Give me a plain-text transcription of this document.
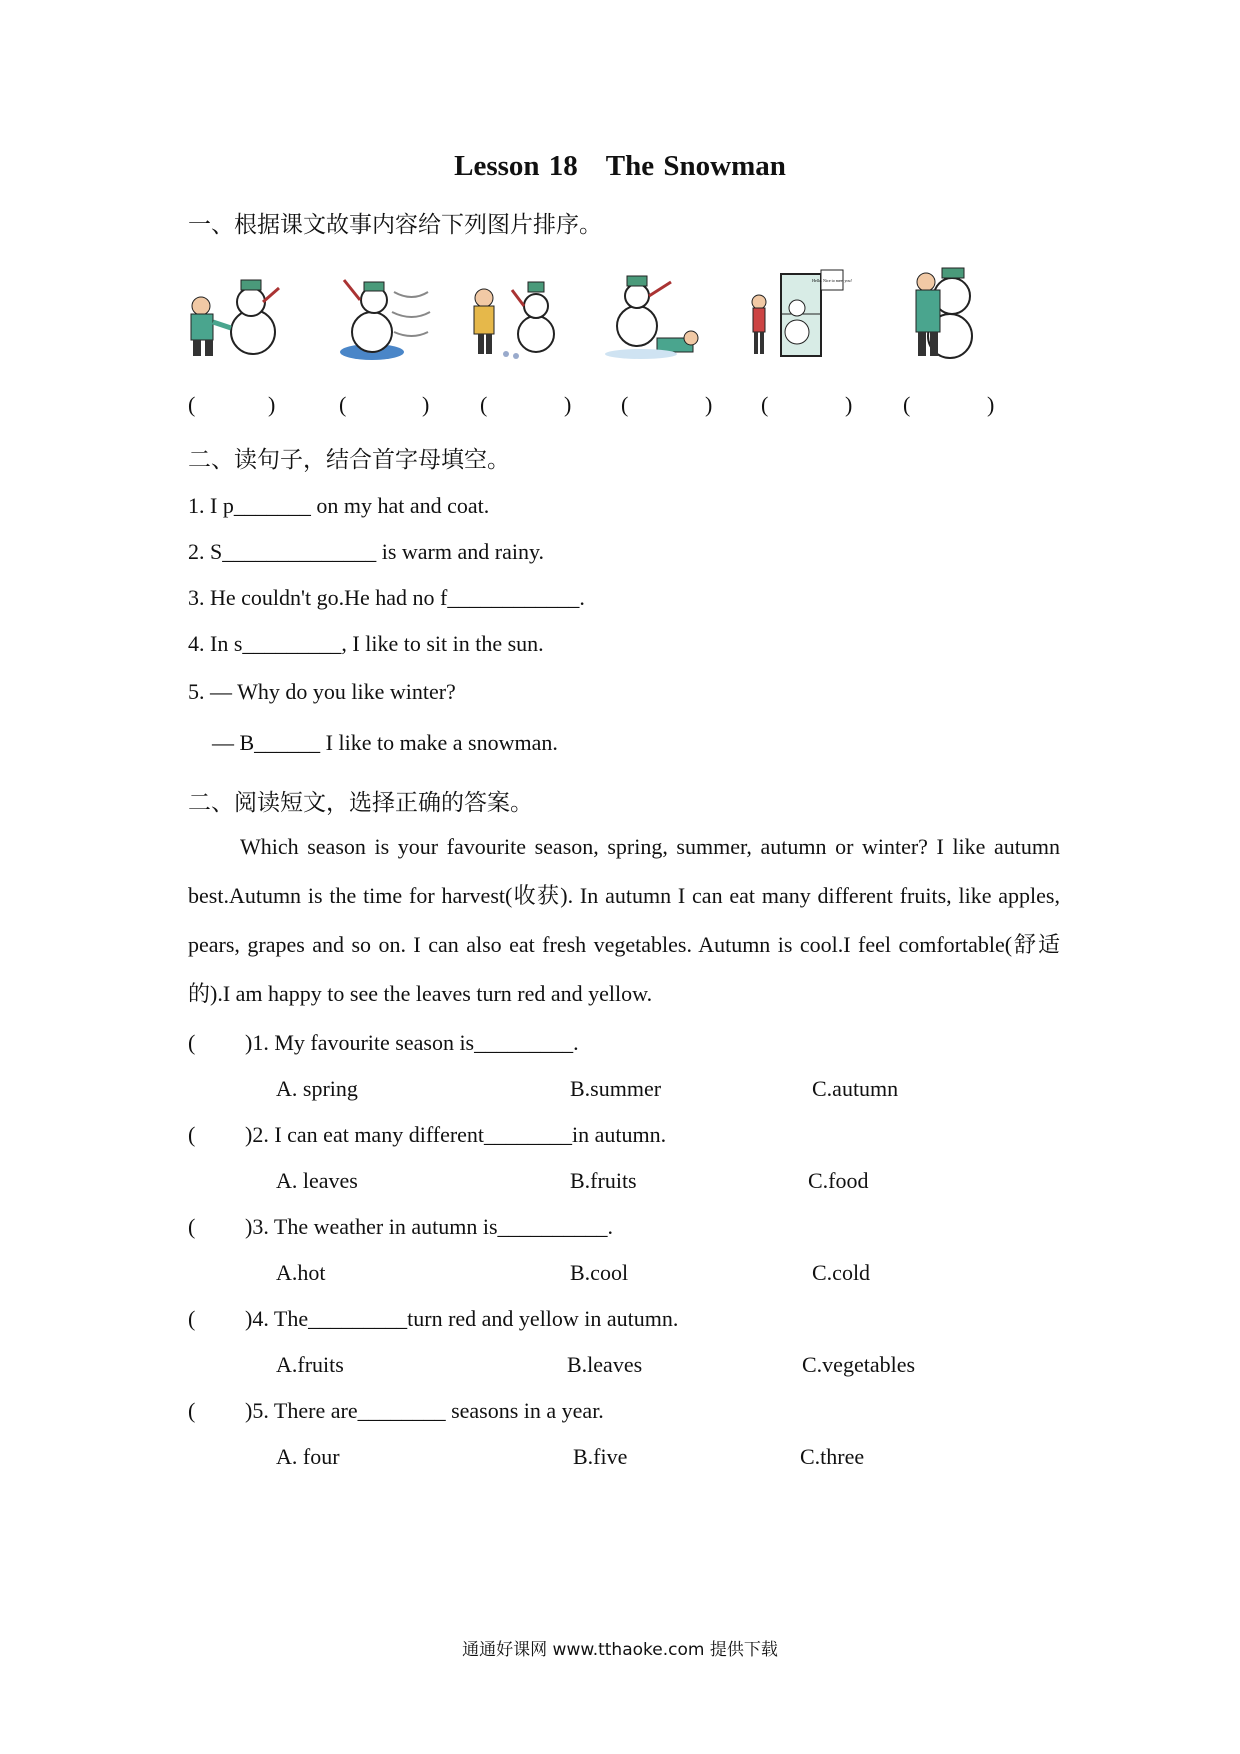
Lesson 18 The Snowman
一、根据课文故事内容给下列图片排序。
Hello. Nice to meet you!
(	)	(	) (	) (	) (	) (	)
二、读句子，结合首字母填空。
1. I p_______ on my hat and coat.
2. S______________ is warm and rainy.
3. He couldn't go.He had no f____________.
4. In s_________, I like to sit in the sun.
5. — Why do you like winter?
— B______ I like to make a snowman.
二、阅读短文，选择正确的答案。
Which season is your favourite season, spring, summer, autumn or winter? I like autumn best.Autumn is the time for harvest(收获). In autumn I can eat many different fruits, like apples, pears, grapes and so on. I can also eat fresh vegetables. Autumn is cool.I feel comfortable(舒适的).I am happy to see the leaves turn red and yellow.
( )1. My favourite season is_________.
A. spring	B.summer	C.autumn
( )2. I can eat many different________in autumn.
A. leaves	B.fruits	C.food
( )3. The weather in autumn is__________.
A.hot	B.cool	C.cold
( )4. The_________turn red and yellow in autumn.
A.fruits	B.leaves	C.vegetables
( )5. There are________ seasons in a year.
A. four	B.five	C.three
通通好课网 www.tthaoke.com 提供下载
